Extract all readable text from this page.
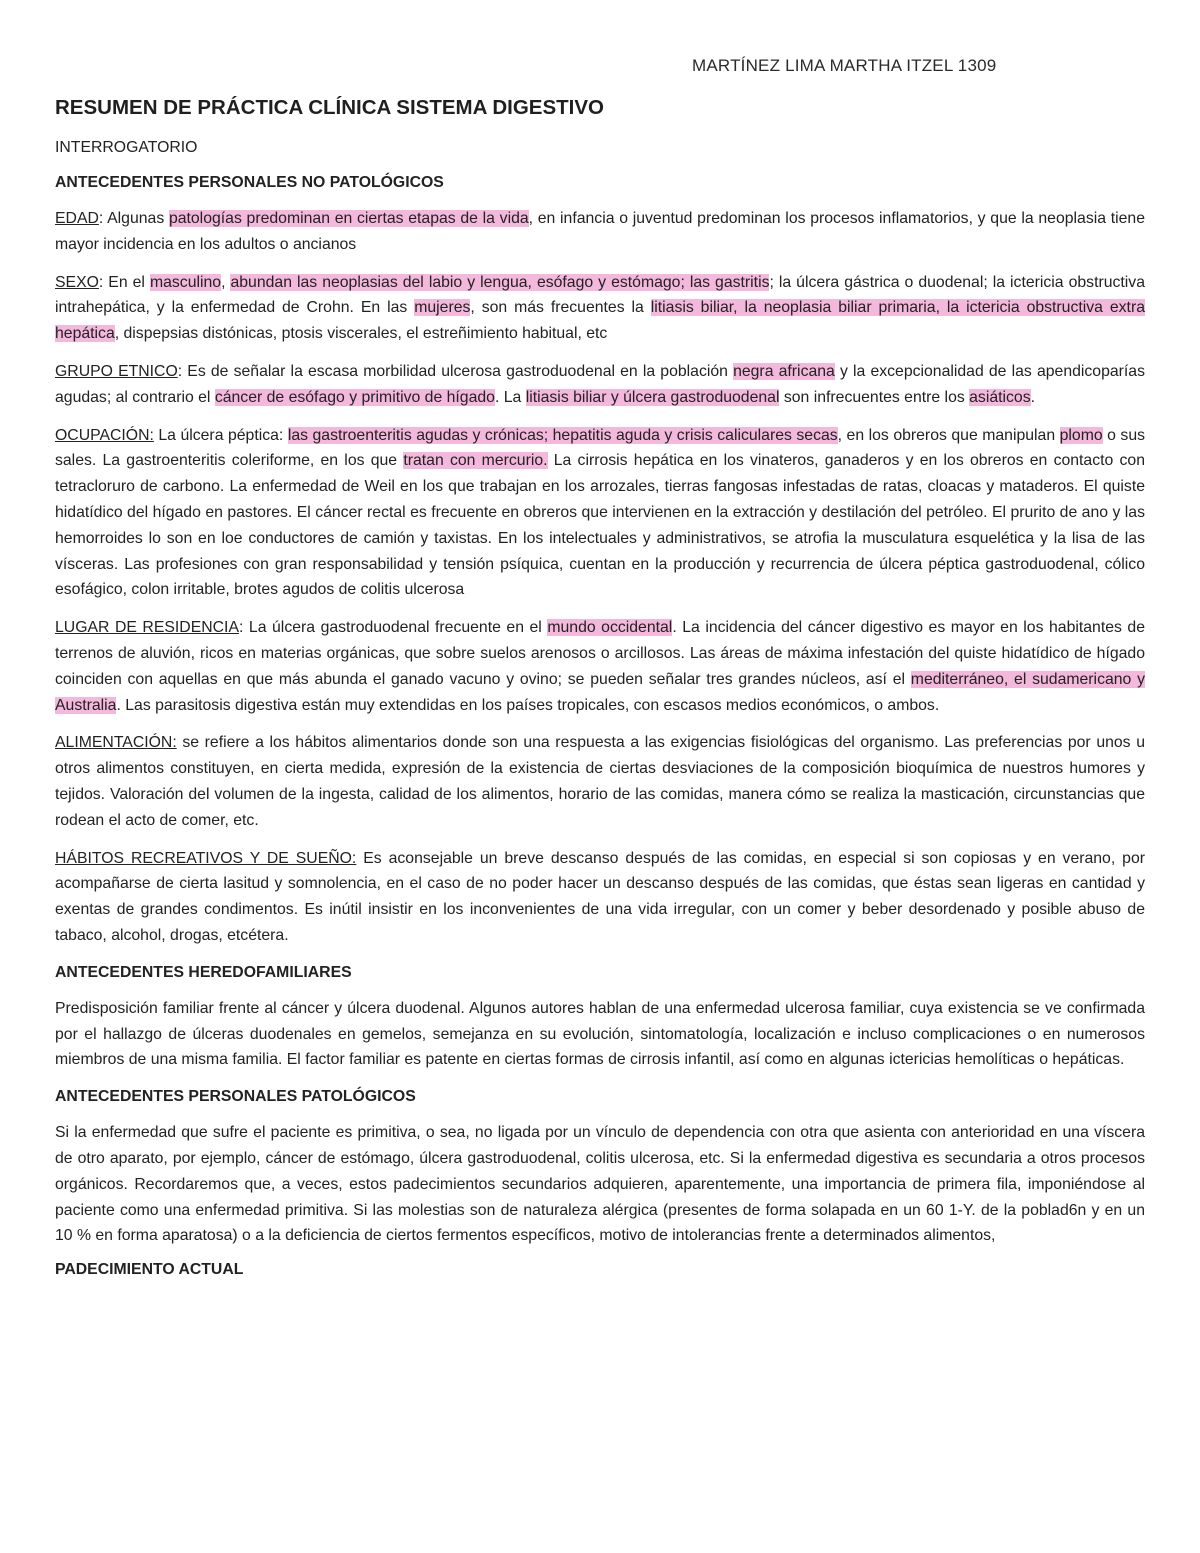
MARTÍNEZ LIMA MARTHA ITZEL 1309
RESUMEN DE PRÁCTICA CLÍNICA SISTEMA DIGESTIVO
INTERROGATORIO
ANTECEDENTES PERSONALES NO PATOLÓGICOS

EDAD: Algunas patologías predominan en ciertas etapas de la vida, en infancia o juventud predominan los procesos inflamatorios, y que la neoplasia tiene mayor incidencia en los adultos o ancianos

SEXO: En el masculino, abundan las neoplasias del labio y lengua, esófago y estómago; las gastritis; la úlcera gástrica o duodenal; la ictericia obstructiva intrahepática, y la enfermedad de Crohn. En las mujeres, son más frecuentes la litiasis biliar, la neoplasia biliar primaria, la ictericia obstructiva extra hepática, dispepsias distónicas, ptosis viscerales, el estreñimiento habitual, etc

GRUPO ETNICO: Es de señalar la escasa morbilidad ulcerosa gastroduodenal en la población negra africana y la excepcionalidad de las apendicoparías agudas; al contrario el cáncer de esófago y primitivo de hígado. La litiasis biliar y úlcera gastroduodenal son infrecuentes entre los asiáticos.

OCUPACIÓN: La úlcera péptica: las gastroenteritis agudas y crónicas; hepatitis aguda y crisis caliculares secas, en los obreros que manipulan plomo o sus sales. La gastroenteritis coleriforme, en los que tratan con mercurio. La cirrosis hepática en los vinateros, ganaderos y en los obreros en contacto con tetracloruro de carbono. La enfermedad de Weil en los que trabajan en los arrozales, tierras fangosas infestadas de ratas, cloacas y mataderos. El quiste hidatídico del hígado en pastores. El cáncer rectal es frecuente en obreros que intervienen en la extracción y destilación del petróleo. El prurito de ano y las hemorroides lo son en loe conductores de camión y taxistas. En los intelectuales y administrativos, se atrofia la musculatura esquelética y la lisa de las vísceras. Las profesiones con gran responsabilidad y tensión psíquica, cuentan en la producción y recurrencia de úlcera péptica gastroduodenal, cólico esofágico, colon irritable, brotes agudos de colitis ulcerosa

LUGAR DE RESIDENCIA: La úlcera gastroduodenal frecuente en el mundo occidental. La incidencia del cáncer digestivo es mayor en los habitantes de terrenos de aluvión, ricos en materias orgánicas, que sobre suelos arenosos o arcillosos. Las áreas de máxima infestación del quiste hidatídico de hígado coinciden con aquellas en que más abunda el ganado vacuno y ovino; se pueden señalar tres grandes núcleos, así el mediterráneo, el sudamericano y Australia. Las parasitosis digestiva están muy extendidas en los países tropicales, con escasos medios económicos, o ambos.

ALIMENTACIÓN: se refiere a los hábitos alimentarios donde son una respuesta a las exigencias fisiológicas del organismo. Las preferencias por unos u otros alimentos constituyen, en cierta medida, expresión de la existencia de ciertas desviaciones de la composición bioquímica de nuestros humores y tejidos. Valoración del volumen de la ingesta, calidad de los alimentos, horario de las comidas, manera cómo se realiza la masticación, circunstancias que rodean el acto de comer, etc.

HÁBITOS RECREATIVOS Y DE SUEÑO: Es aconsejable un breve descanso después de las comidas, en especial si son copiosas y en verano, por acompañarse de cierta lasitud y somnolencia, en el caso de no poder hacer un descanso después de las comidas, que éstas sean ligeras en cantidad y exentas de grandes condimentos. Es inútil insistir en los inconvenientes de una vida irregular, con un comer y beber desordenado y posible abuso de tabaco, alcohol, drogas, etcétera.

ANTECEDENTES HEREDOFAMILIARES

Predisposición familiar frente al cáncer y úlcera duodenal. Algunos autores hablan de una enfermedad ulcerosa familiar, cuya existencia se ve confirmada por el hallazgo de úlceras duodenales en gemelos, semejanza en su evolución, sintomatología, localización e incluso complicaciones o en numerosos miembros de una misma familia. El factor familiar es patente en ciertas formas de cirrosis infantil, así como en algunas ictericias hemolíticas o hepáticas.

ANTECEDENTES PERSONALES PATOLÓGICOS

Si la enfermedad que sufre el paciente es primitiva, o sea, no ligada por un vínculo de dependencia con otra que asienta con anterioridad en una víscera de otro aparato, por ejemplo, cáncer de estómago, úlcera gastroduodenal, colitis ulcerosa, etc. Si la enfermedad digestiva es secundaria a otros procesos orgánicos. Recordaremos que, a veces, estos padecimientos secundarios adquieren, aparentemente, una importancia de primera fila, imponiéndose al paciente como una enfermedad primitiva. Si las molestias son de naturaleza alérgica (presentes de forma solapada en un 60 1-Y. de la poblad6n y en un 10 % en forma aparatosa) o a la deficiencia de ciertos fermentos específicos, motivo de intolerancias frente a determinados alimentos,

PADECIMIENTO ACTUAL
